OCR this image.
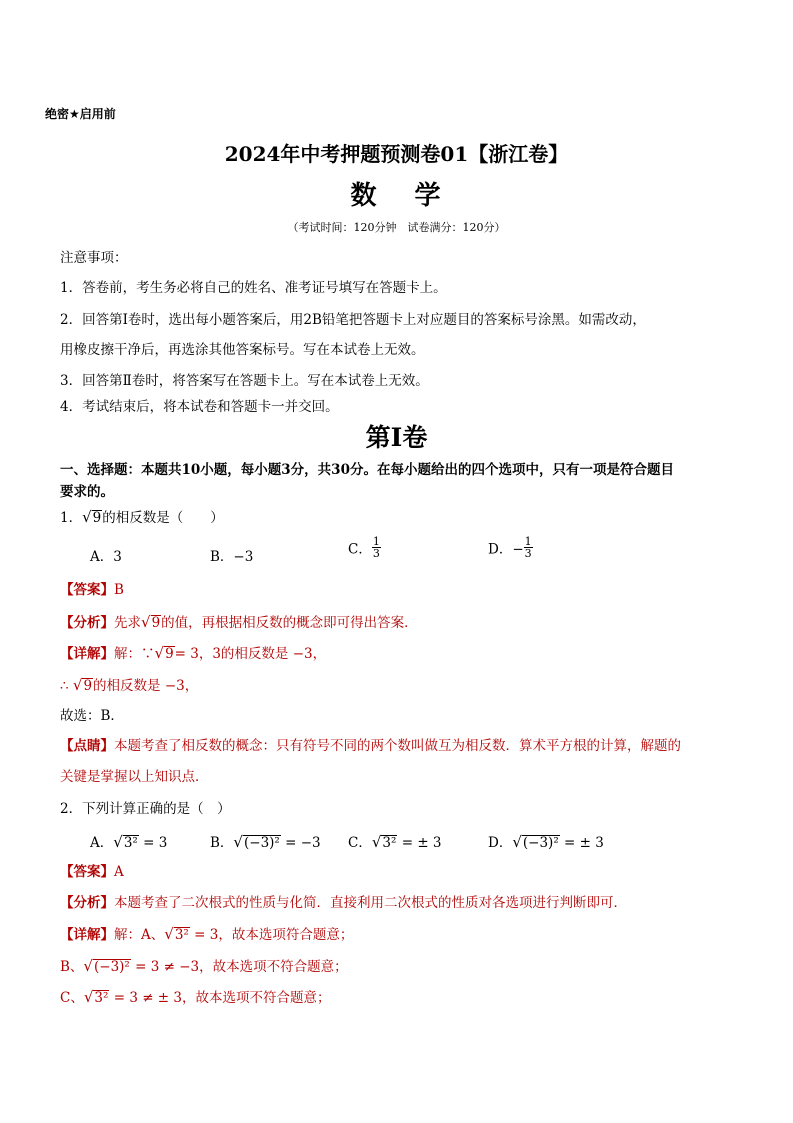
绝密★启用前
2024年中考押题预测卷01【浙江卷】
数 学
（考试时间：120分钟　试卷满分：120分）
注意事项：
1．答卷前，考生务必将自己的姓名、准考证号填写在答题卡上。
2．回答第Ⅰ卷时，选出每小题答案后，用2B铅笔把答题卡上对应题目的答案标号涂黑。如需改动，
用橡皮擦干净后，再选涂其他答案标号。写在本试卷上无效。
3．回答第Ⅱ卷时，将答案写在答题卡上。写在本试卷上无效。
4．考试结束后，将本试卷和答题卡一并交回。
第Ⅰ卷
一、选择题：本题共10小题，每小题3分，共30分。在每小题给出的四个选项中，只有一项是符合题目
要求的。
1．√9的相反数是（　　）
A．3	B．−3	C． $\frac{1}{3}$	D．− $\frac{1}{3}$
【答案】B
【分析】先求√9的值，再根据相反数的概念即可得出答案．
【详解】解：∵√9= 3，3的相反数是 −3，
∴ √9的相反数是 −3，
故选：B．
【点睛】本题考查了相反数的概念：只有符号不同的两个数叫做互为相反数．算术平方根的计算，解题的
关键是掌握以上知识点．
2．下列计算正确的是（　）
A．√3² = 3	B．√(−3)² = −3 C．√3² = ± 3	D．√(−3)² = ± 3
【答案】A
【分析】本题考查了二次根式的性质与化简．直接利用二次根式的性质对各选项进行判断即可．
【详解】解：A、√3² = 3，故本选项符合题意；
B、√(−3)² = 3 ≠ −3，故本选项不符合题意；
C、√3² = 3 ≠ ± 3，故本选项不符合题意；
